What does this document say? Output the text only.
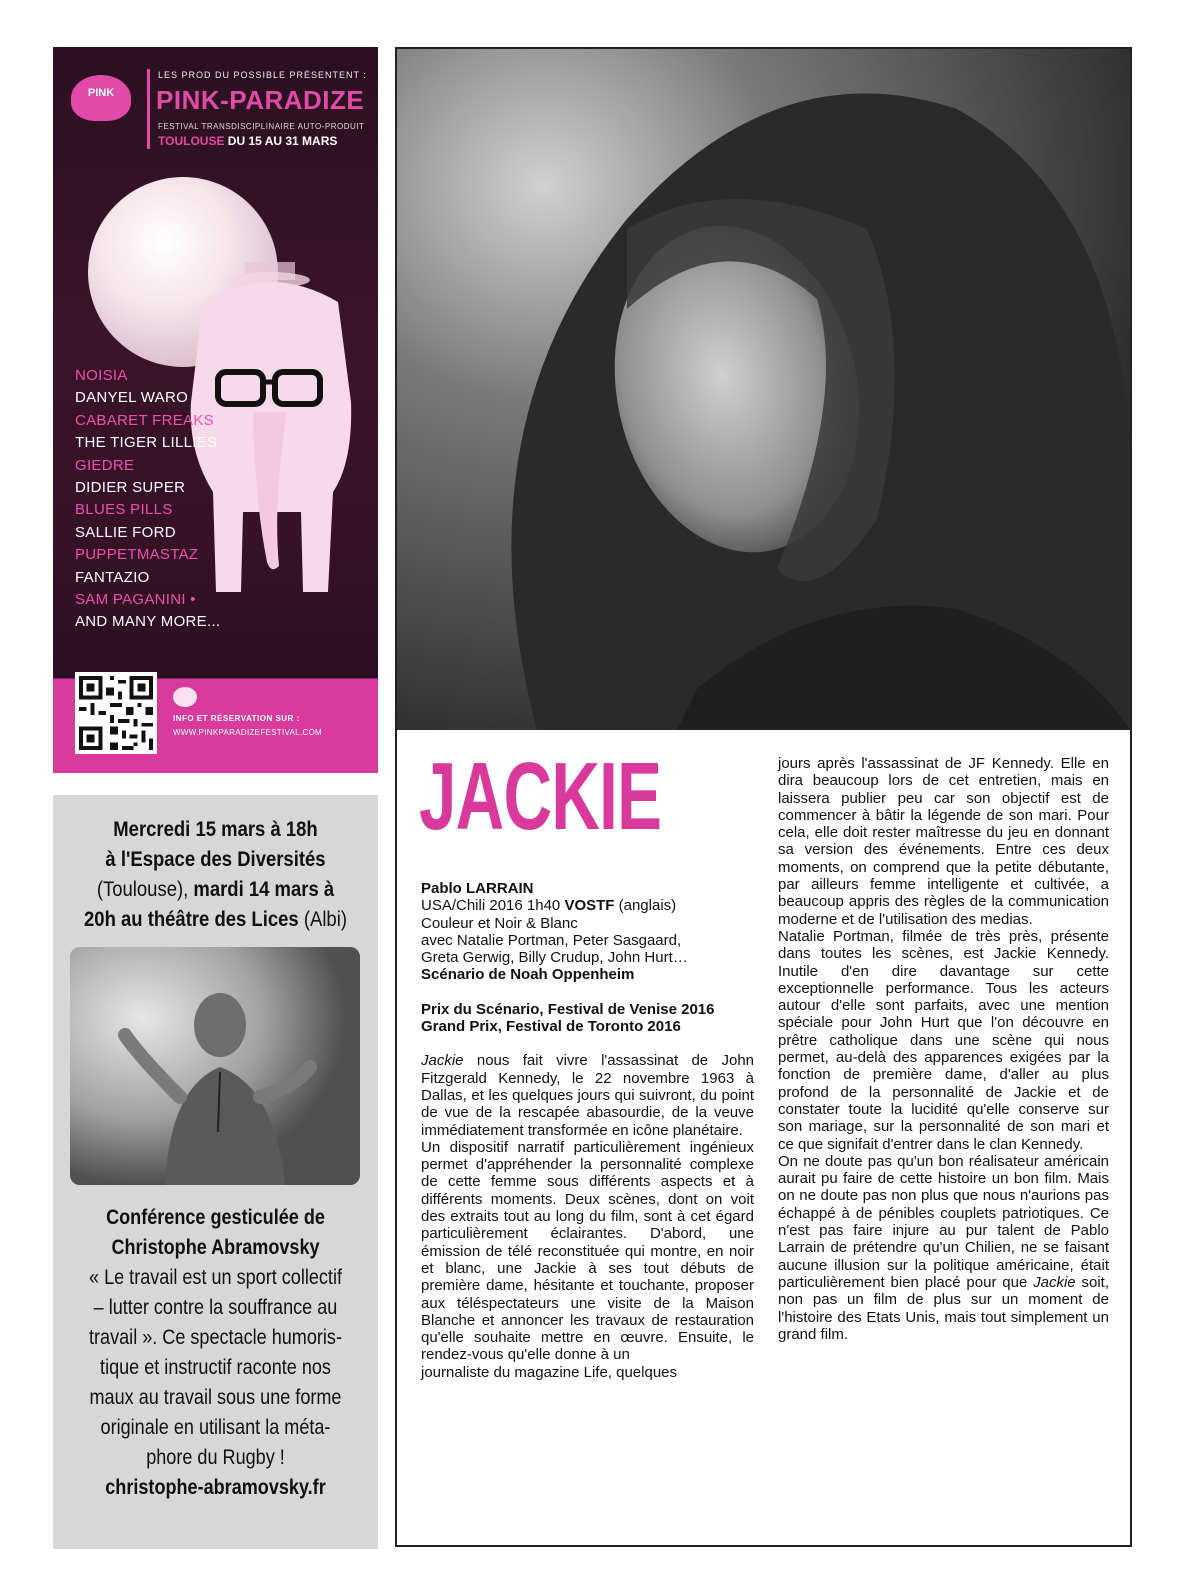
PINK
LES PROD DU POSSIBLE PRÉSENTENT :
PINK-PARADIZE
FESTIVAL TRANSDISCIPLINAIRE AUTO-PRODUIT
TOULOUSE DU 15 AU 31 MARS
NOISIA
DANYEL WARO
CABARET FREAKS
THE TIGER LILLIES
GIEDRE
DIDIER SUPER
BLUES PILLS
SALLIE FORD
PUPPETMASTAZ
FANTAZIO
SAM PAGANINI •
AND MANY MORE...
INFO ET RÉSERVATION SUR :
WWW.PINKPARADIZEFESTIVAL.COM

Mercredi 15 mars à 18h
à l'Espace des Diversités
(Toulouse), mardi 14 mars à
20h au théâtre des Lices (Albi)

Conférence gesticulée de
Christophe Abramovsky
« Le travail est un sport collectif
– lutter contre la souffrance au
travail ». Ce spectacle humoris-
tique et instructif raconte nos
maux au travail sous une forme
originale en utilisant la méta-
phore du Rugby !
christophe-abramovsky.fr

JACKIE

Pablo LARRAIN

USA/Chili 2016 1h40 VOSTF (anglais)

Couleur et Noir & Blanc

avec Natalie Portman, Peter Sasgaard,

Greta Gerwig, Billy Crudup, John Hurt…

Scénario de Noah Oppenheim

Prix du Scénario, Festival de Venise 2016

Grand Prix, Festival de Toronto 2016

Jackie nous fait vivre l'assassinat de John Fitzgerald Kennedy, le 22 novembre 1963 à Dallas, et les quelques jours qui suivront, du point de vue de la rescapée abasourdie, de la veuve immédiatement transformée en icône planétaire.

Un dispositif narratif particulièrement ingénieux permet d'appréhender la personnalité complexe de cette femme sous différents aspects et à différents moments. Deux scènes, dont on voit des extraits tout au long du film, sont à cet égard particulièrement éclairantes. D'abord, une émission de télé reconstituée qui montre, en noir et blanc, une Jackie à ses tout débuts de première dame, hésitante et touchante, proposer aux téléspectateurs une visite de la Maison Blanche et annoncer les travaux de restauration qu'elle souhaite mettre en œuvre. Ensuite, le rendez-vous qu'elle donne à un

journaliste du magazine Life, quelques

jours après l'assassinat de JF Kennedy. Elle en dira beaucoup lors de cet entretien, mais en laissera publier peu car son objectif est de commencer à bâtir la légende de son mari. Pour cela, elle doit rester maîtresse du jeu en donnant sa version des événements. Entre ces deux moments, on comprend que la petite débutante, par ailleurs femme intelligente et cultivée, a beaucoup appris des règles de la communication moderne et de l'utilisation des medias.

Natalie Portman, filmée de très près, présente dans toutes les scènes, est Jackie Kennedy. Inutile d'en dire davantage sur cette exceptionnelle performance. Tous les acteurs autour d'elle sont parfaits, avec une mention spéciale pour John Hurt que l'on découvre en prêtre catholique dans une scène qui nous permet, au-delà des apparences exigées par la fonction de première dame, d'aller au plus profond de la personnalité de Jackie et de constater toute la lucidité qu'elle conserve sur son mariage, sur la personnalité de son mari et ce que signifait d'entrer dans le clan Kennedy.

On ne doute pas qu'un bon réalisateur américain aurait pu faire de cette histoire un bon film. Mais on ne doute pas non plus que nous n'aurions pas échappé à de pénibles couplets patriotiques. Ce n'est pas faire injure au pur talent de Pablo Larrain de prétendre qu'un Chilien, ne se faisant aucune illusion sur la politique américaine, était particulièrement bien placé pour que Jackie soit, non pas un film de plus sur un moment de l'histoire des Etats Unis, mais tout simplement un grand film.
